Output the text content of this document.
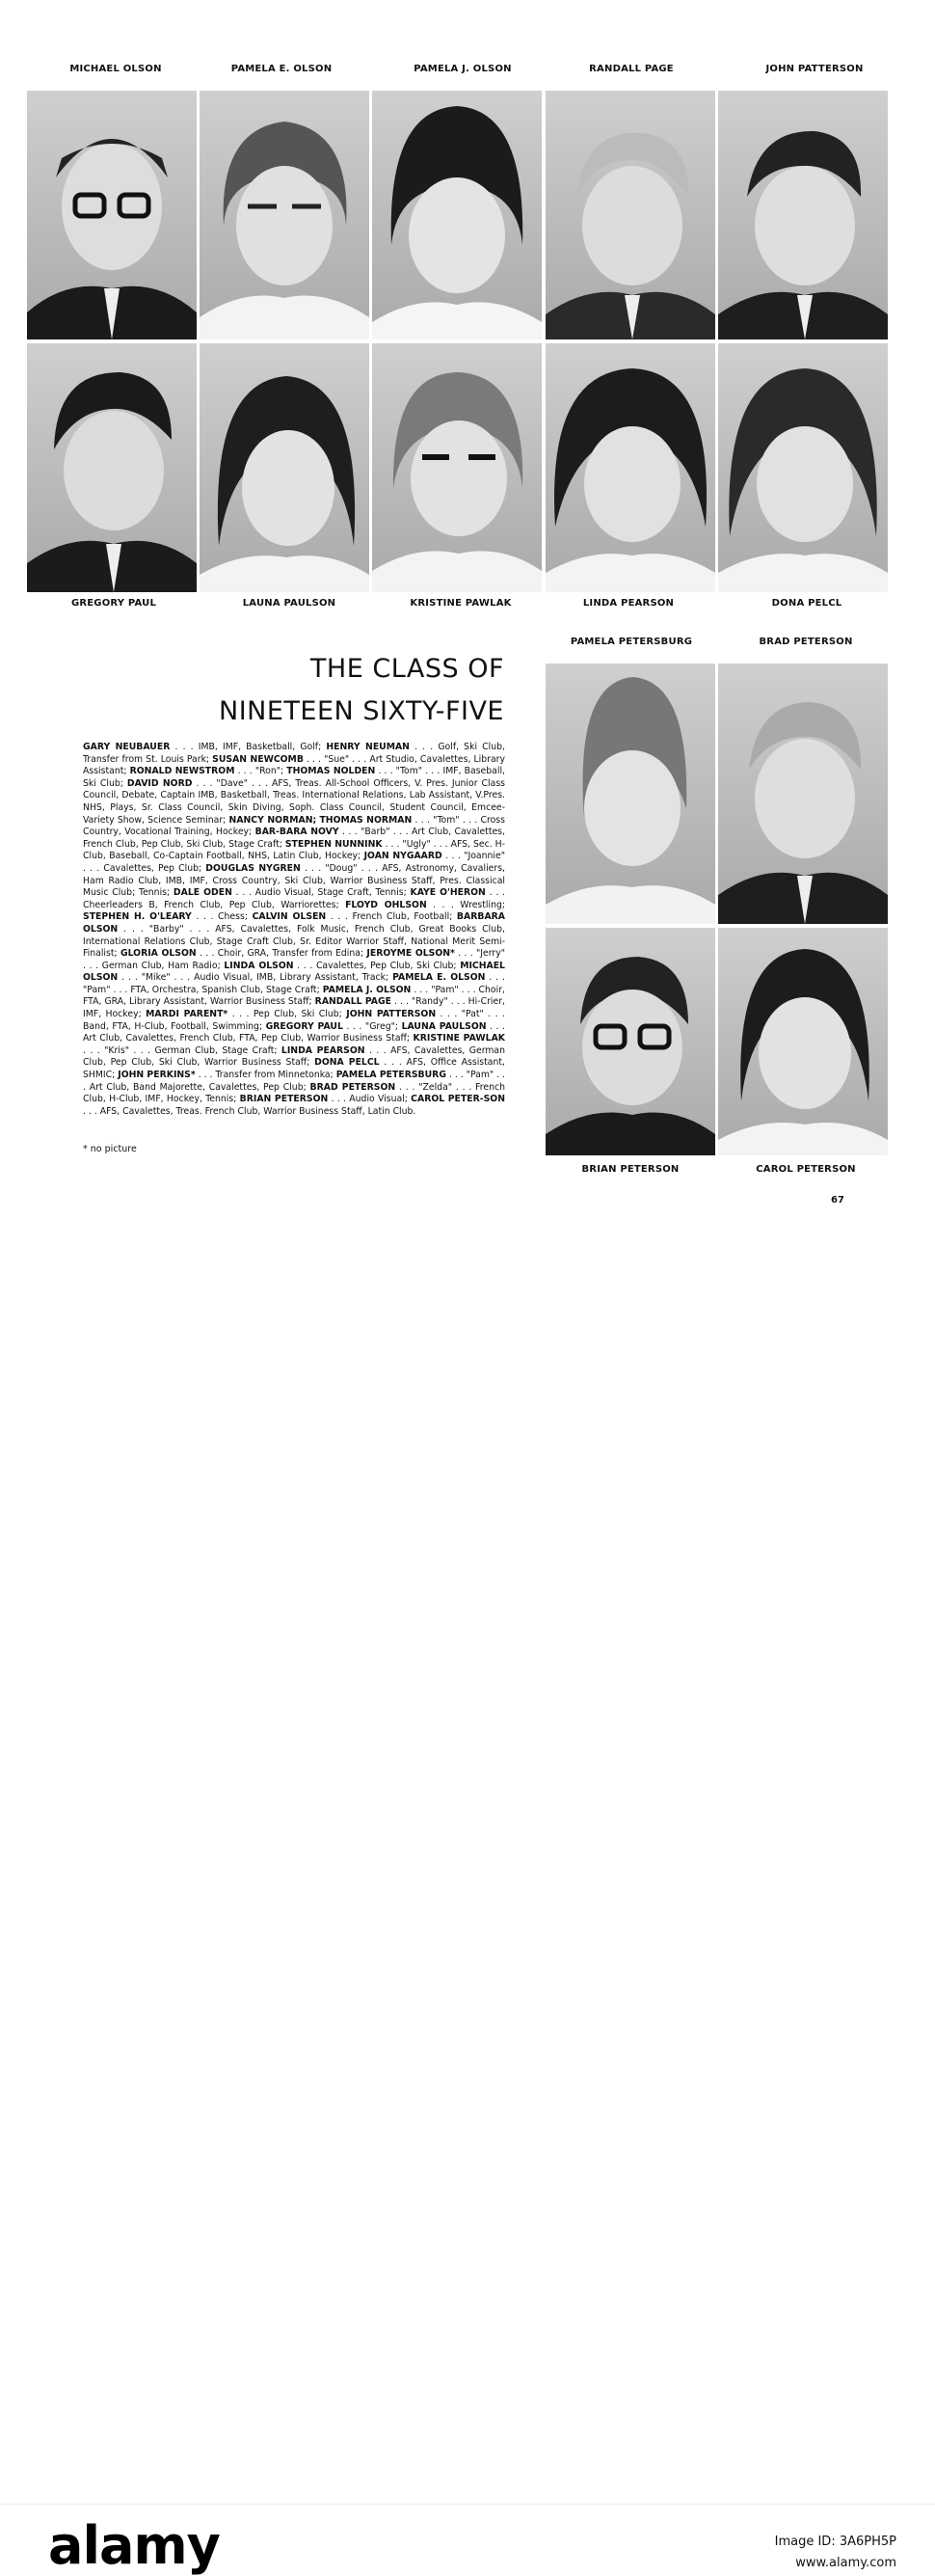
MICHAEL OLSON	PAMELA E. OLSON	PAMELA J. OLSON	RANDALL PAGE	JOHN PATTERSON
GREGORY PAUL	LAUNA PAULSON	KRISTINE PAWLAK	LINDA PEARSON	DONA PELCL
PAMELA PETERSBURG	BRAD PETERSON
BRIAN PETERSON	CAROL PETERSON
THE CLASS OF
NINETEEN SIXTY-FIVE
GARY NEUBAUER . . . IMB, IMF, Basketball, Golf; HENRY NEUMAN . . . Golf, Ski Club, Transfer from St. Louis Park; SUSAN NEWCOMB . . . "Sue" . . . Art Studio, Cavalettes, Library Assistant; RONALD NEWSTROM . . . "Ron"; THOMAS NOLDEN . . . "Tom" . . . IMF, Baseball, Ski Club; DAVID NORD . . . "Dave" . . . AFS, Treas. All-School Officers, V. Pres. Junior Class Council, Debate, Captain IMB, Basketball, Treas. International Relations, Lab Assistant, V.Pres. NHS, Plays, Sr. Class Council, Skin Diving, Soph. Class Council, Student Council, Emcee-Variety Show, Science Seminar; NANCY NORMAN; THOMAS NORMAN . . . "Tom" . . . Cross Country, Vocational Training, Hockey; BAR-BARA NOVY . . . "Barb" . . . Art Club, Cavalettes, French Club, Pep Club, Ski Club, Stage Craft; STEPHEN NUNNINK . . . "Ugly" . . . AFS, Sec. H-Club, Baseball, Co-Captain Football, NHS, Latin Club, Hockey; JOAN NYGAARD . . . "Joannie" . . . Cavalettes, Pep Club; DOUGLAS NYGREN . . . "Doug" . . . AFS, Astronomy, Cavaliers, Ham Radio Club, IMB, IMF, Cross Country, Ski Club, Warrior Business Staff, Pres. Classical Music Club; Tennis; DALE ODEN . . . Audio Visual, Stage Craft, Tennis; KAYE O'HERON . . . Cheerleaders B, French Club, Pep Club, Warriorettes; FLOYD OHLSON . . . Wrestling; STEPHEN H. O'LEARY . . . Chess; CALVIN OLSEN . . . French Club, Football; BARBARA OLSON . . . "Barby" . . . AFS, Cavalettes, Folk Music, French Club, Great Books Club, International Relations Club, Stage Craft Club, Sr. Editor Warrior Staff, National Merit Semi-Finalist; GLORIA OLSON . . . Choir, GRA, Transfer from Edina; JEROYME OLSON* . . . "Jerry" . . . German Club, Ham Radio; LINDA OLSON . . . Cavalettes, Pep Club, Ski Club; MICHAEL OLSON . . . "Mike" . . . Audio Visual, IMB, Library Assistant, Track; PAMELA E. OLSON . . . "Pam" . . . FTA, Orchestra, Spanish Club, Stage Craft; PAMELA J. OLSON . . . "Pam" . . . Choir, FTA, GRA, Library Assistant, Warrior Business Staff; RANDALL PAGE . . . "Randy" . . . Hi-Crier, IMF, Hockey; MARDI PARENT* . . . Pep Club, Ski Club; JOHN PATTERSON . . . "Pat" . . . Band, FTA, H-Club, Football, Swimming; GREGORY PAUL . . . "Greg"; LAUNA PAULSON . . . Art Club, Cavalettes, French Club, FTA, Pep Club, Warrior Business Staff; KRISTINE PAWLAK . . . "Kris" . . . German Club, Stage Craft; LINDA PEARSON . . . AFS, Cavalettes, German Club, Pep Club, Ski Club, Warrior Business Staff; DONA PELCL . . . AFS, Office Assistant, SHMIC; JOHN PERKINS* . . . Transfer from Minnetonka; PAMELA PETERSBURG . . . "Pam" . . . Art Club, Band Majorette, Cavalettes, Pep Club; BRAD PETERSON . . . "Zelda" . . . French Club, H-Club, IMF, Hockey, Tennis; BRIAN PETERSON . . . Audio Visual; CAROL PETER-SON . . . AFS, Cavalettes, Treas. French Club, Warrior Business Staff, Latin Club.
* no picture
67
alamy	Image ID: 3A6PH5P
www.alamy.com
